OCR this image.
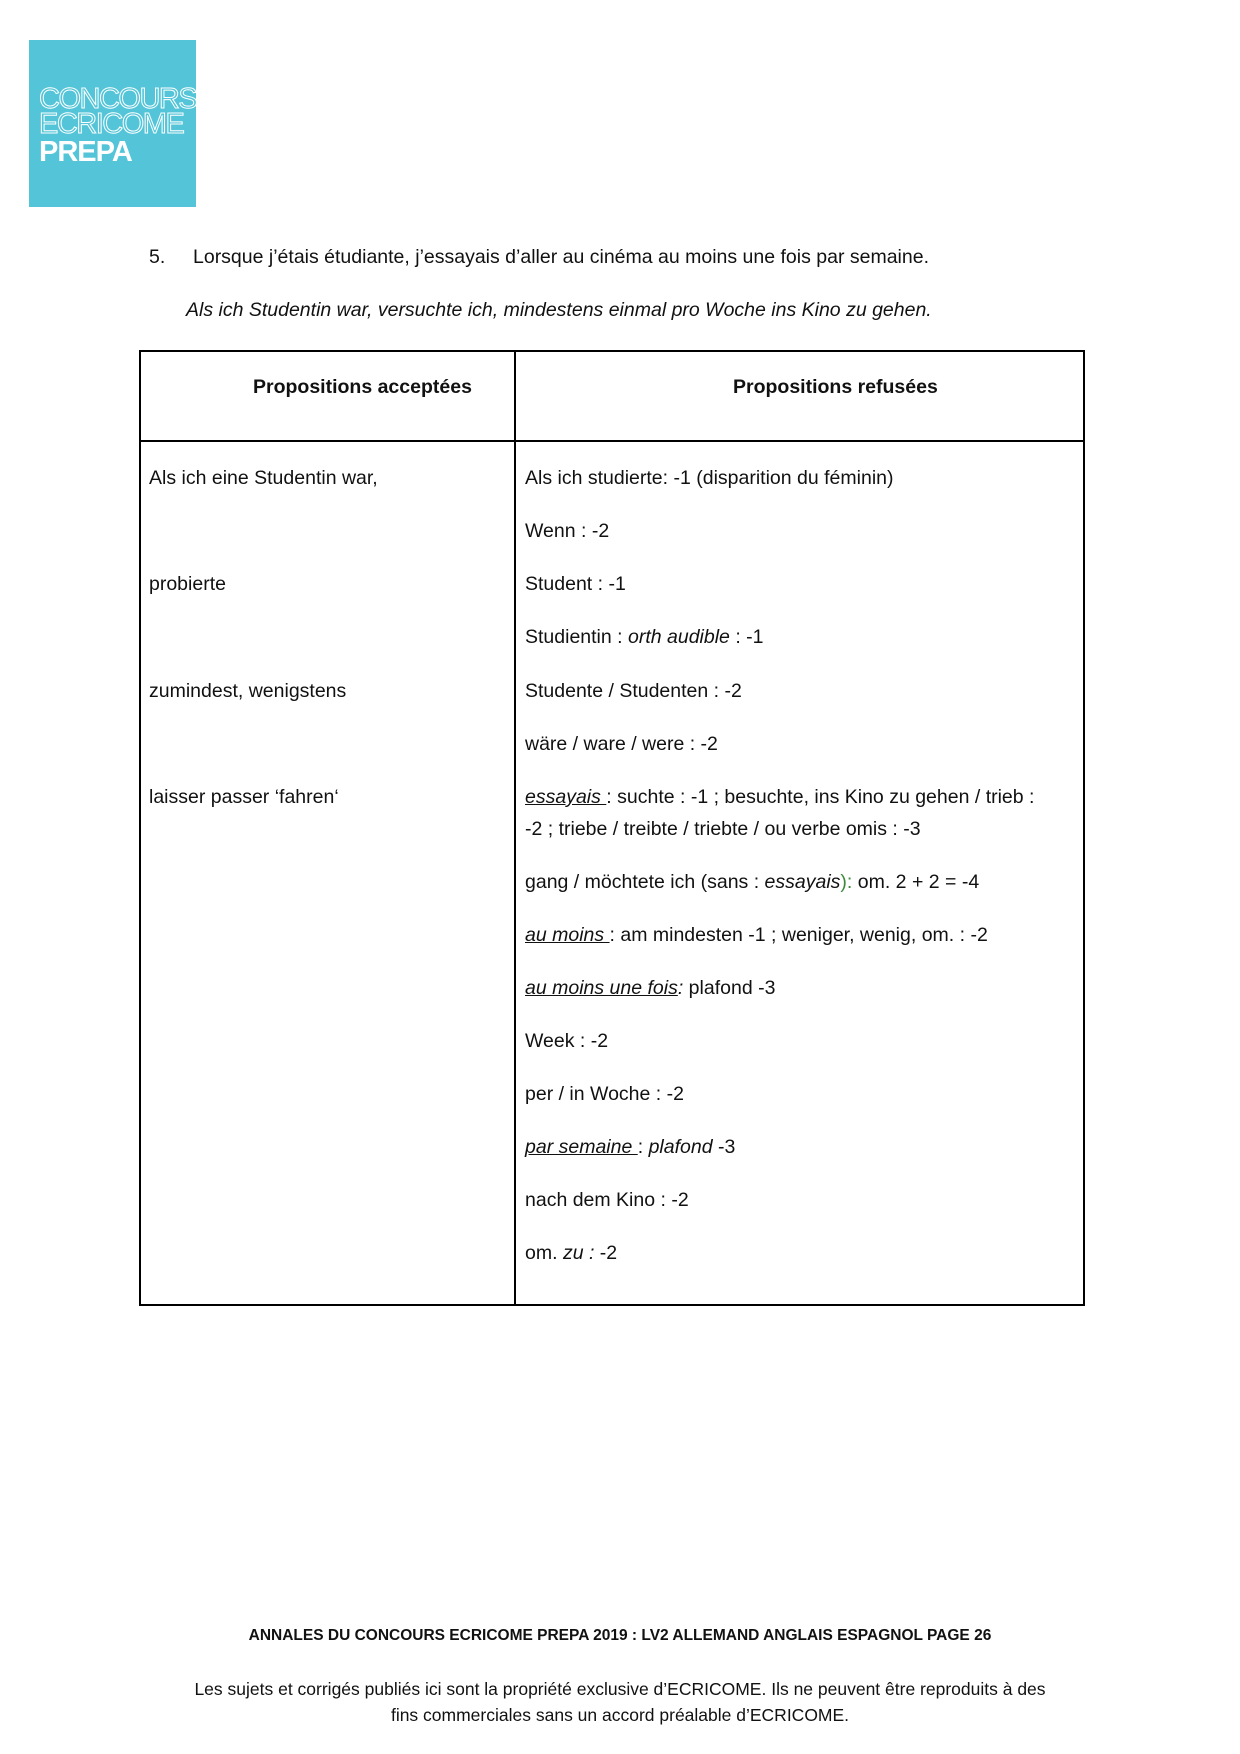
CONCOURS
ECRICOME
PREPA
5. Lorsque j’étais étudiante, j’essayais d’aller au cinéma au moins une fois par semaine.
Als ich Studentin war, versuchte ich, mindestens einmal pro Woche ins Kino zu gehen.
Propositions acceptées	Propositions refusées
Als ich eine Studentin war,
probierte
zumindest, wenigstens
laisser passer ‘fahren‘
Als ich studierte: -1 (disparition du féminin)
Wenn : -2
Student : -1
Studientin : orth audible : -1
Studente / Studenten : -2
wäre / ware / were : -2
essayais : suchte : -1 ; besuchte, ins Kino zu gehen / trieb :
-2 ; triebe / treibte / triebte / ou verbe omis : -3
gang / möchtete ich (sans : essayais): om. 2 + 2 = -4
au moins : am mindesten -1 ; weniger, wenig, om. : -2
au moins une fois: plafond -3
Week : -2
per / in Woche : -2
par semaine : plafond -3
nach dem Kino : -2
om. zu : -2
ANNALES DU CONCOURS ECRICOME PREPA 2019 : LV2 ALLEMAND ANGLAIS ESPAGNOL PAGE 26
Les sujets et corrigés publiés ici sont la propriété exclusive d’ECRICOME. Ils ne peuvent être reproduits à des
fins commerciales sans un accord préalable d’ECRICOME.
